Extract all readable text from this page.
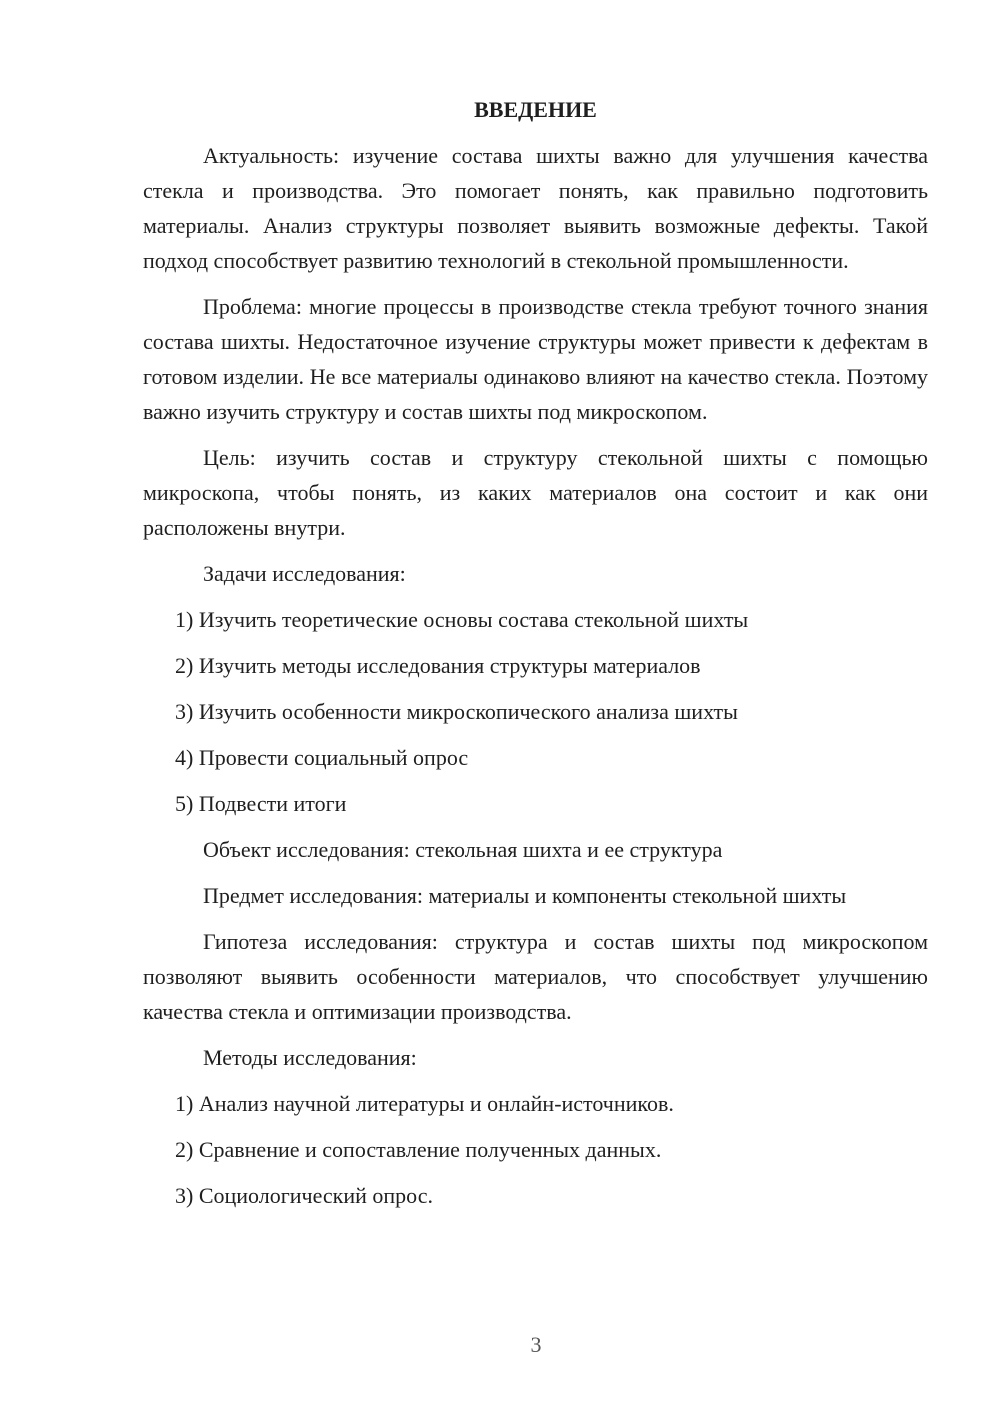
ВВЕДЕНИЕ

Актуальность: изучение состава шихты важно для улучшения качества стекла и производства. Это помогает понять, как правильно подготовить материалы. Анализ структуры позволяет выявить возможные дефекты. Такой подход способствует развитию технологий в стекольной промышленности.

Проблема: многие процессы в производстве стекла требуют точного знания состава шихты. Недостаточное изучение структуры может привести к дефектам в готовом изделии. Не все материалы одинаково влияют на качество стекла. Поэтому важно изучить структуру и состав шихты под микроскопом.

Цель: изучить состав и структуру стекольной шихты с помощью микроскопа, чтобы понять, из каких материалов она состоит и как они расположены внутри.

Задачи исследования:

1) Изучить теоретические основы состава стекольной шихты
2) Изучить методы исследования структуры материалов
3) Изучить особенности микроскопического анализа шихты
4) Провести социальный опрос
5) Подвести итоги

Объект исследования: стекольная шихта и ее структура

Предмет исследования: материалы и компоненты стекольной шихты

Гипотеза исследования: структура и состав шихты под микроскопом позволяют выявить особенности материалов, что способствует улучшению качества стекла и оптимизации производства.

Методы исследования:

1) Анализ научной литературы и онлайн-источников.
2) Сравнение и сопоставление полученных данных.
3) Социологический опрос.
3
